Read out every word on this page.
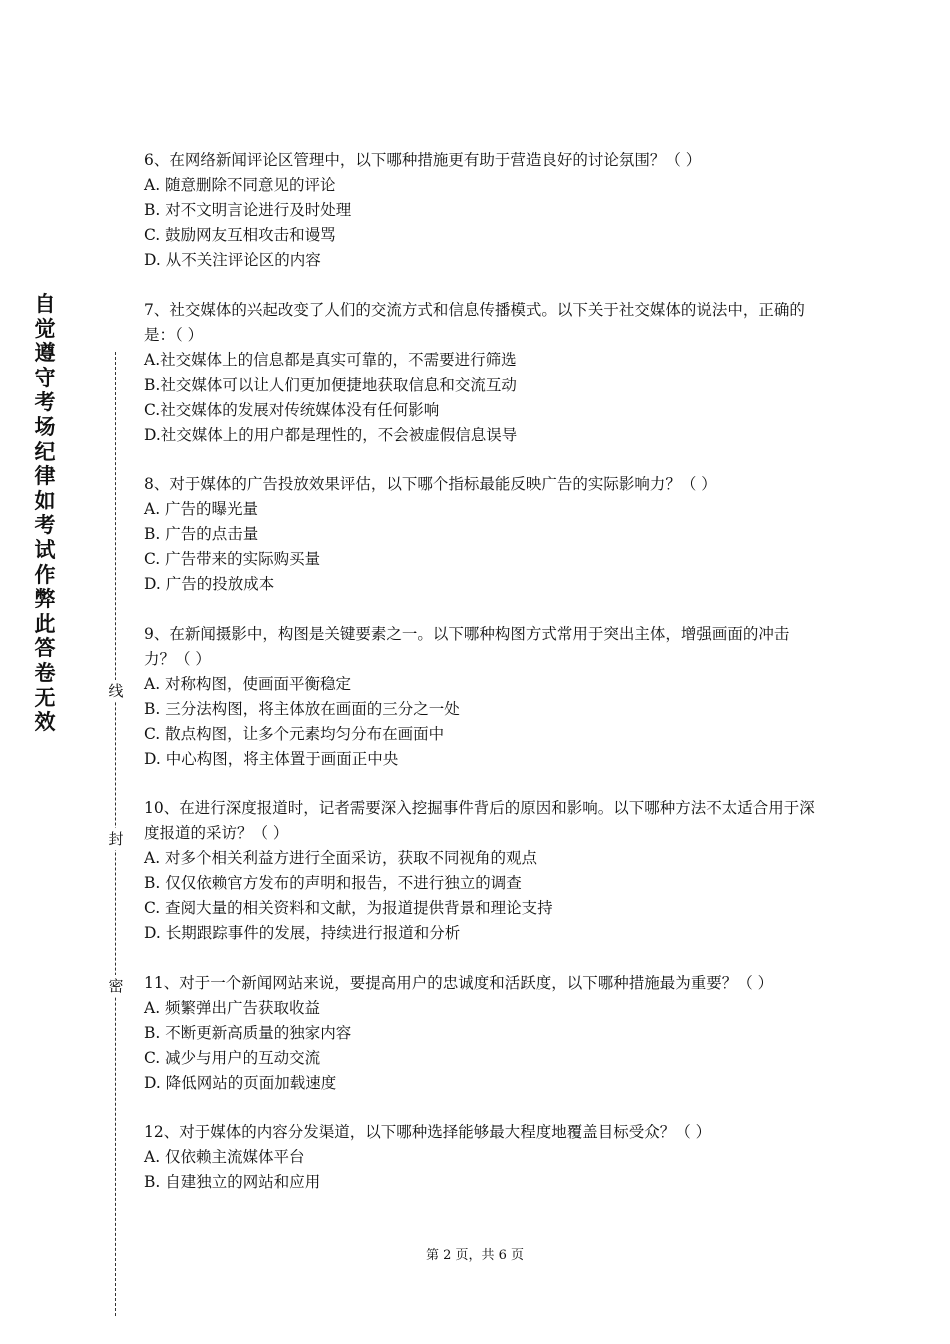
自觉遵守考场纪律如考试作弊此答卷无效
线
封
密

6、在网络新闻评论区管理中，以下哪种措施更有助于营造良好的讨论氛围？（ ）

A. 随意删除不同意见的评论

B. 对不文明言论进行及时处理

C. 鼓励网友互相攻击和谩骂

D. 从不关注评论区的内容

7、社交媒体的兴起改变了人们的交流方式和信息传播模式。以下关于社交媒体的说法中，正确的是：（ ）

A.社交媒体上的信息都是真实可靠的，不需要进行筛选

B.社交媒体可以让人们更加便捷地获取信息和交流互动

C.社交媒体的发展对传统媒体没有任何影响

D.社交媒体上的用户都是理性的，不会被虚假信息误导

8、对于媒体的广告投放效果评估，以下哪个指标最能反映广告的实际影响力？（ ）

A. 广告的曝光量

B. 广告的点击量

C. 广告带来的实际购买量

D. 广告的投放成本

9、在新闻摄影中，构图是关键要素之一。以下哪种构图方式常用于突出主体，增强画面的冲击力？（ ）

A. 对称构图，使画面平衡稳定

B. 三分法构图，将主体放在画面的三分之一处

C. 散点构图，让多个元素均匀分布在画面中

D. 中心构图，将主体置于画面正中央

10、在进行深度报道时，记者需要深入挖掘事件背后的原因和影响。以下哪种方法不太适合用于深度报道的采访？（ ）

A. 对多个相关利益方进行全面采访，获取不同视角的观点

B. 仅仅依赖官方发布的声明和报告，不进行独立的调查

C. 查阅大量的相关资料和文献，为报道提供背景和理论支持

D. 长期跟踪事件的发展，持续进行报道和分析

11、对于一个新闻网站来说，要提高用户的忠诚度和活跃度，以下哪种措施最为重要？（ ）

A. 频繁弹出广告获取收益

B. 不断更新高质量的独家内容

C. 减少与用户的互动交流

D. 降低网站的页面加载速度

12、对于媒体的内容分发渠道，以下哪种选择能够最大程度地覆盖目标受众？（ ）

A. 仅依赖主流媒体平台

B. 自建独立的网站和应用

第 2 页，共 6 页
